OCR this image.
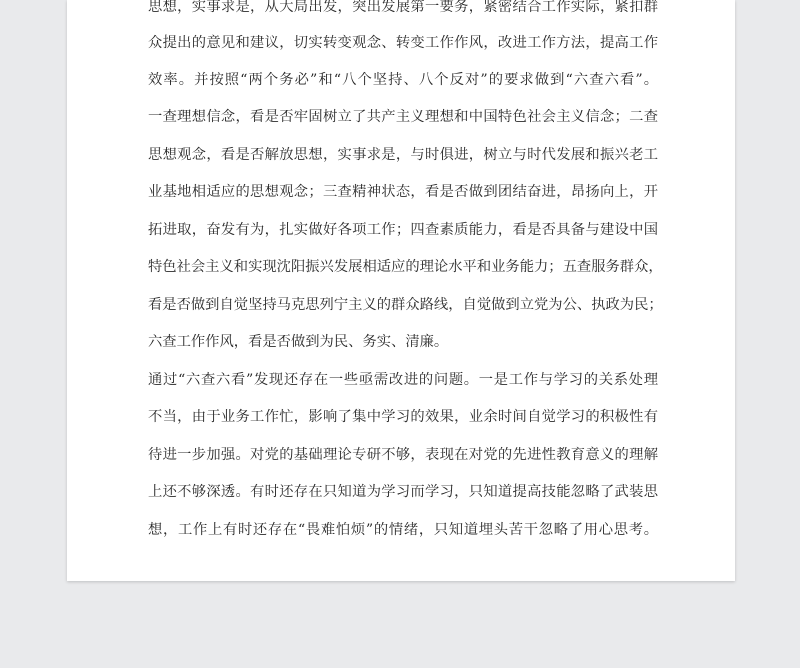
思想，实事求是，从大局出发，突出发展第一要务，紧密结合工作实际，紧扣群
众提出的意见和建议，切实转变观念、转变工作作风，改进工作方法，提高工作
效率。并按照“两个务必”和“八个坚持、八个反对”的要求做到“六查六看”。
一查理想信念，看是否牢固树立了共产主义理想和中国特色社会主义信念；二查
思想观念，看是否解放思想，实事求是，与时俱进，树立与时代发展和振兴老工
业基地相适应的思想观念；三查精神状态，看是否做到团结奋进，昂扬向上，开
拓进取，奋发有为，扎实做好各项工作；四查素质能力，看是否具备与建设中国
特色社会主义和实现沈阳振兴发展相适应的理论水平和业务能力；五查服务群众，
看是否做到自觉坚持马克思列宁主义的群众路线，自觉做到立党为公、执政为民；
六查工作作风，看是否做到为民、务实、清廉。
通过“六查六看”发现还存在一些亟需改进的问题。一是工作与学习的关系处理
不当，由于业务工作忙，影响了集中学习的效果，业余时间自觉学习的积极性有
待进一步加强。对党的基础理论专研不够，表现在对党的先进性教育意义的理解
上还不够深透。有时还存在只知道为学习而学习，只知道提高技能忽略了武装思
想，工作上有时还存在“畏难怕烦”的情绪，只知道埋头苦干忽略了用心思考。
